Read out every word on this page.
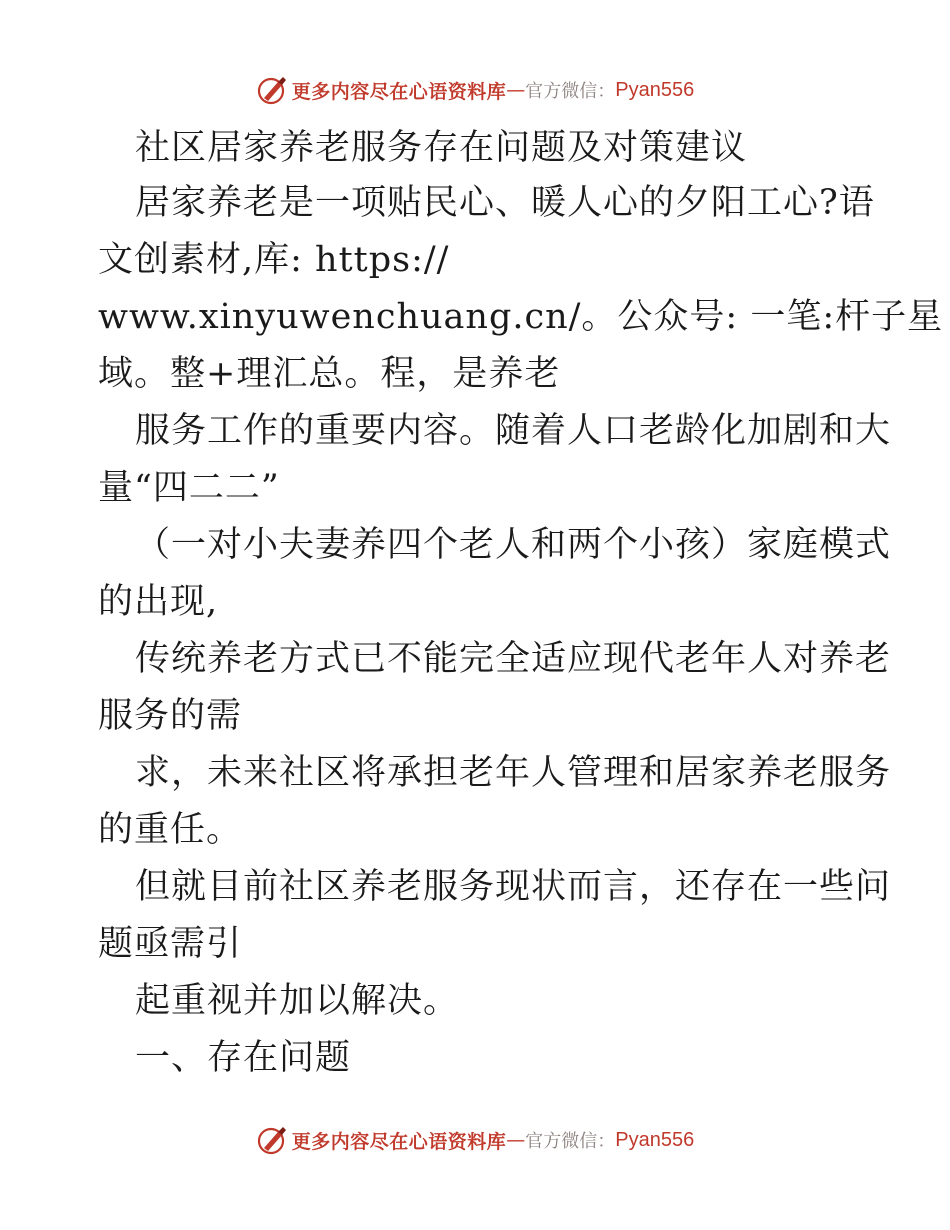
更多内容尽在心语资料库 — 官方微信： Pyan556
社区居家养老服务存在问题及对策建议
居家养老是一项贴民心、暖人心的夕阳工心?语
文创素材,库: https://
www.xinyuwenchuang.cn/。公众号: 一笔:杆子星
域。整+理汇总。程，是养老
服务工作的重要内容。随着人口老龄化加剧和大
量“四二二”
（一对小夫妻养四个老人和两个小孩）家庭模式
的出现,
传统养老方式已不能完全适应现代老年人对养老
服务的需
求，未来社区将承担老年人管理和居家养老服务
的重任。
但就目前社区养老服务现状而言，还存在一些问
题亟需引
起重视并加以解决。
一、存在问题
更多内容尽在心语资料库 — 官方微信： Pyan556
